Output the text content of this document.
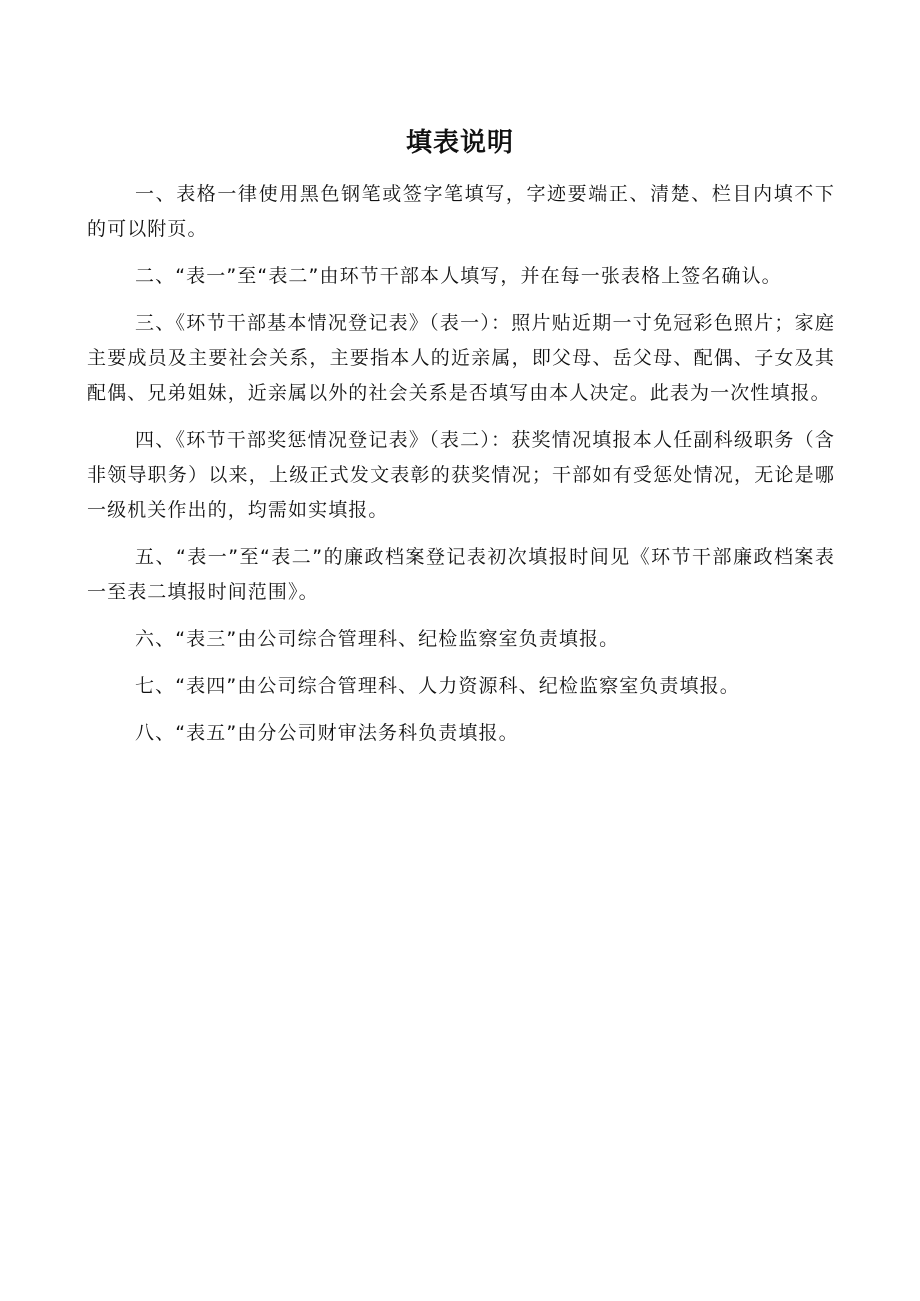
填表说明

一、表格一律使用黑色钢笔或签字笔填写，字迹要端正、清楚、栏目内填不下的可以附页。

二、“表一”至“表二”由环节干部本人填写，并在每一张表格上签名确认。

三、《环节干部基本情况登记表》（表一）：照片贴近期一寸免冠彩色照片；家庭主要成员及主要社会关系，主要指本人的近亲属，即父母、岳父母、配偶、子女及其配偶、兄弟姐妹，近亲属以外的社会关系是否填写由本人决定。此表为一次性填报。

四、《环节干部奖惩情况登记表》（表二）：获奖情况填报本人任副科级职务（含非领导职务）以来，上级正式发文表彰的获奖情况；干部如有受惩处情况，无论是哪一级机关作出的，均需如实填报。

五、“表一”至“表二”的廉政档案登记表初次填报时间见《环节干部廉政档案表一至表二填报时间范围》。

六、“表三”由公司综合管理科、纪检监察室负责填报。

七、“表四”由公司综合管理科、人力资源科、纪检监察室负责填报。

八、“表五”由分公司财审法务科负责填报。
